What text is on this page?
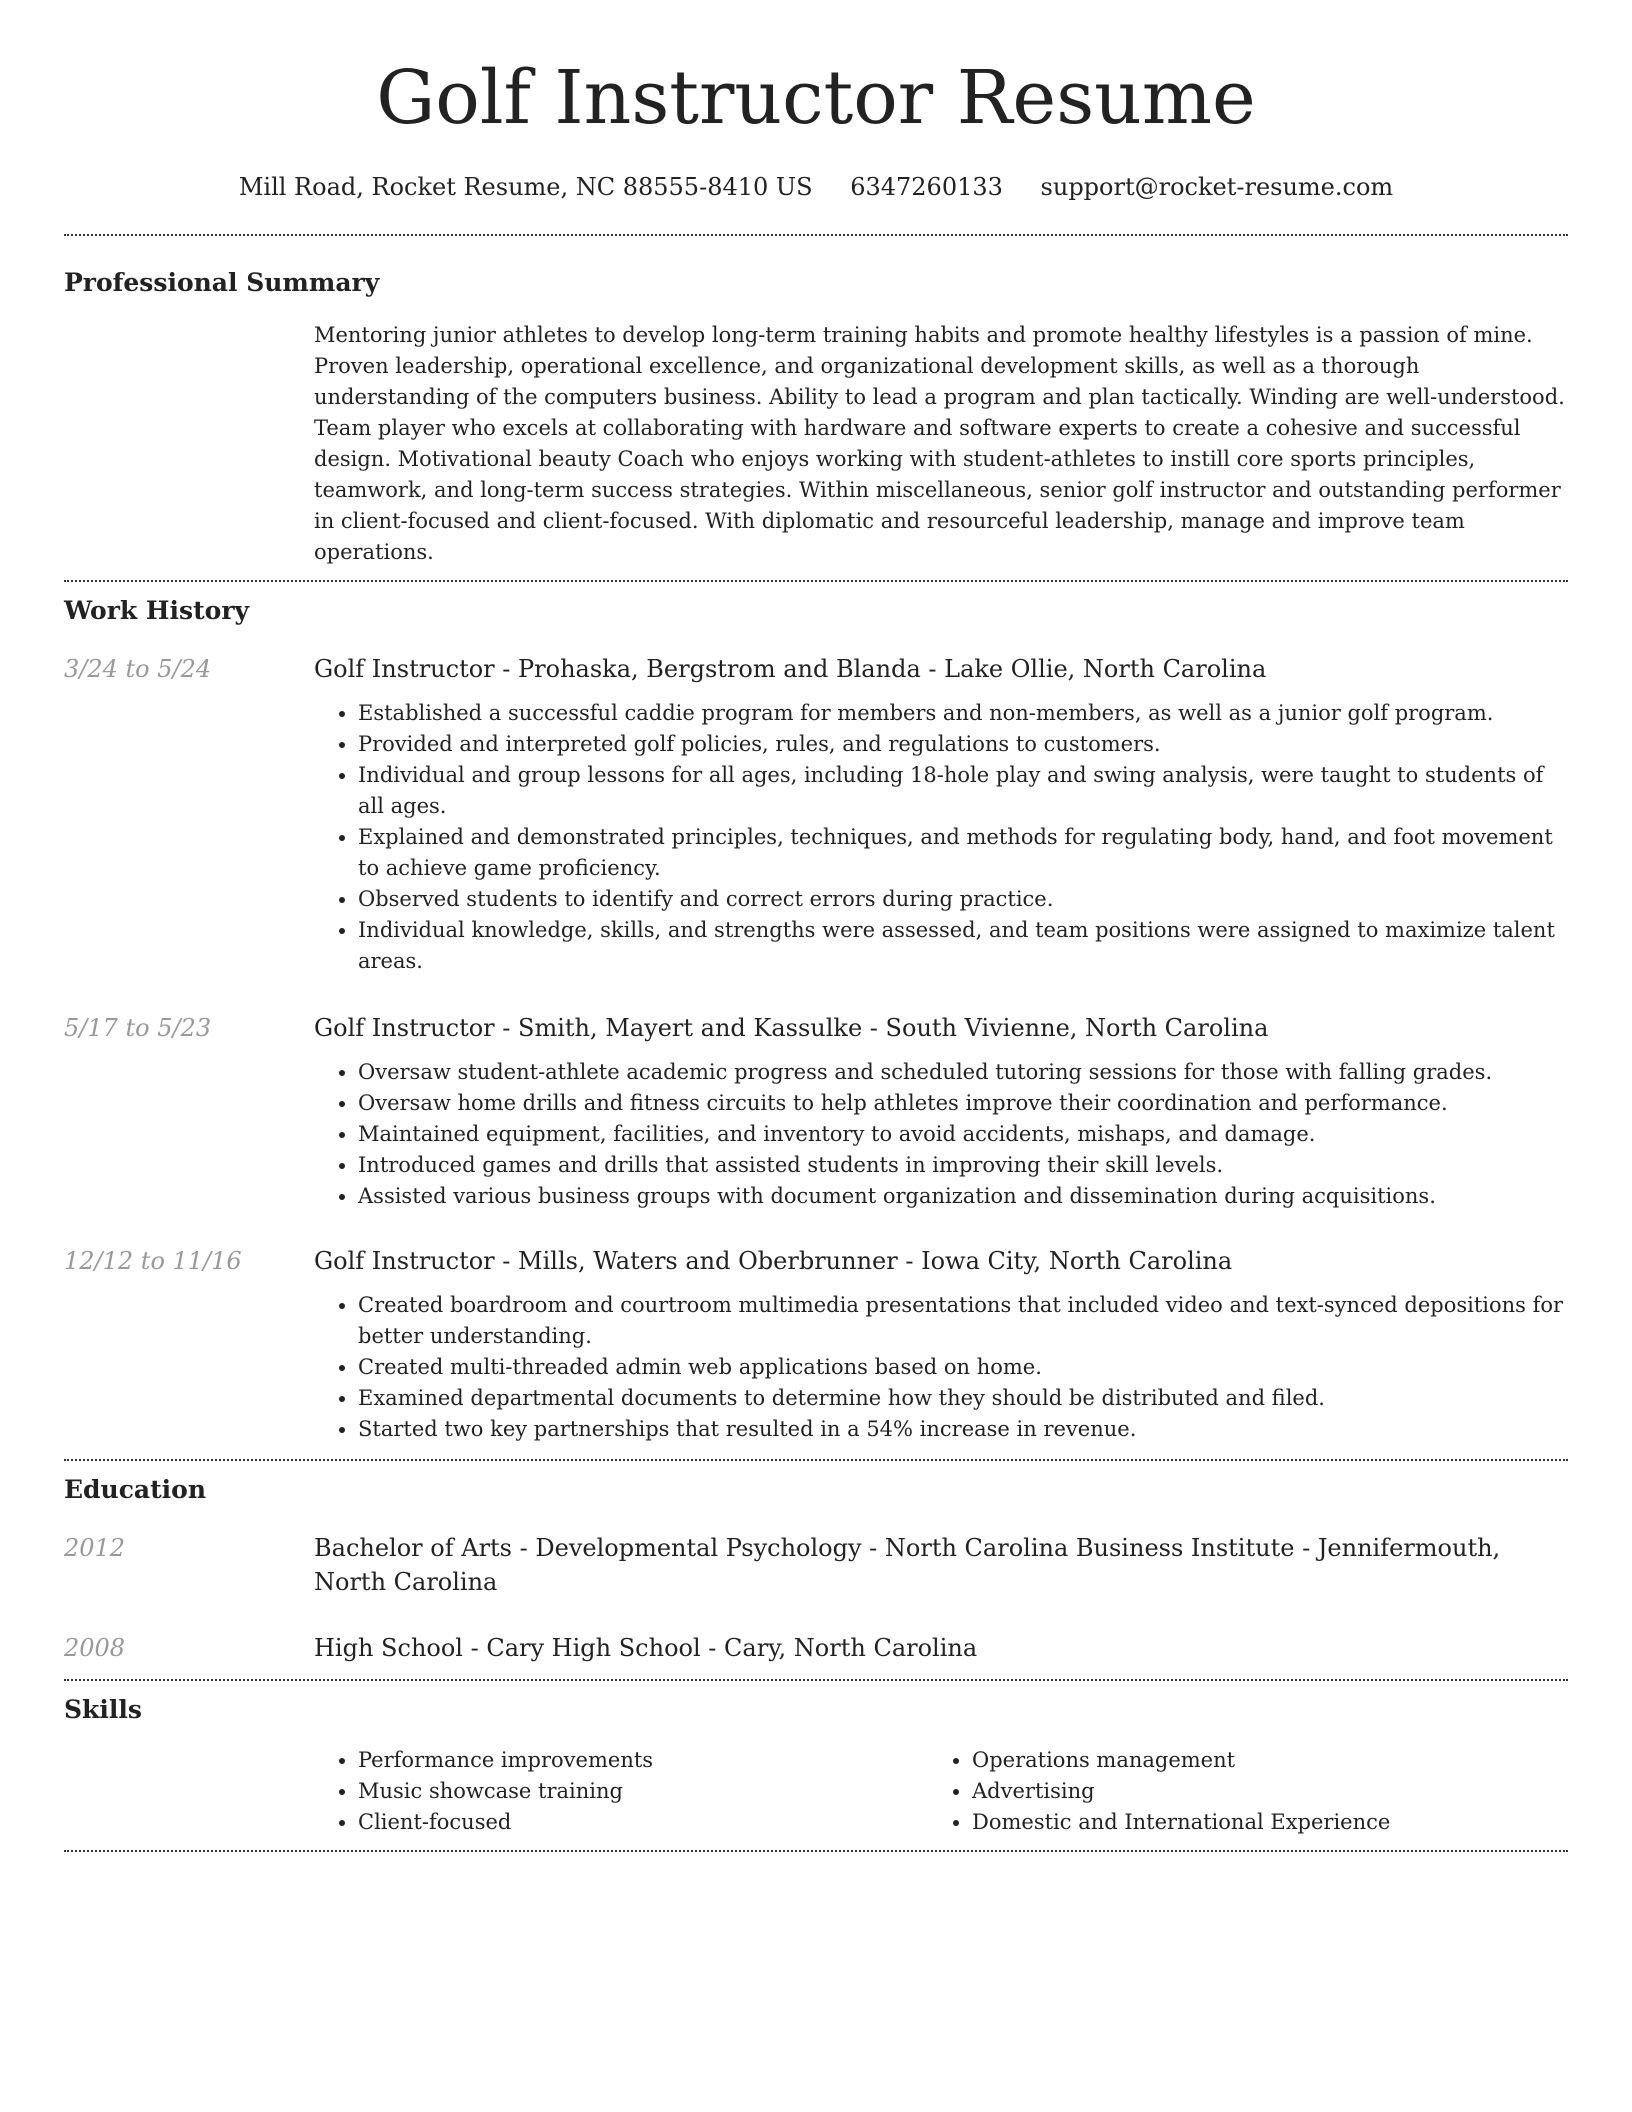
Golf Instructor Resume
Mill Road, Rocket Resume, NC 88555-8410 US 6347260133 support@rocket-resume.com
Professional Summary

Mentoring junior athletes to develop long-term training habits and promote healthy lifestyles is a passion of mine. Proven leadership, operational excellence, and organizational development skills, as well as a thorough understanding of the computers business. Ability to lead a program and plan tactically. Winding are well-understood. Team player who excels at collaborating with hardware and software experts to create a cohesive and successful design. Motivational beauty Coach who enjoys working with student-athletes to instill core sports principles, teamwork, and long-term success strategies. Within miscellaneous, senior golf instructor and outstanding performer in client-focused and client-focused. With diplomatic and resourceful leadership, manage and improve team operations.

Work History
3/24 to 5/24	Golf Instructor - Prohaska, Bergstrom and Blanda - Lake Ollie, North Carolina
• Established a successful caddie program for members and non-members, as well as a junior golf program.
• Provided and interpreted golf policies, rules, and regulations to customers.
• Individual and group lessons for all ages, including 18-hole play and swing analysis, were taught to students of all ages.
• Explained and demonstrated principles, techniques, and methods for regulating body, hand, and foot movement to achieve game proficiency.
• Observed students to identify and correct errors during practice.
• Individual knowledge, skills, and strengths were assessed, and team positions were assigned to maximize talent areas.
5/17 to 5/23	Golf Instructor - Smith, Mayert and Kassulke - South Vivienne, North Carolina
• Oversaw student-athlete academic progress and scheduled tutoring sessions for those with falling grades.
• Oversaw home drills and fitness circuits to help athletes improve their coordination and performance.
• Maintained equipment, facilities, and inventory to avoid accidents, mishaps, and damage.
• Introduced games and drills that assisted students in improving their skill levels.
• Assisted various business groups with document organization and dissemination during acquisitions.
12/12 to 11/16	Golf Instructor - Mills, Waters and Oberbrunner - Iowa City, North Carolina
• Created boardroom and courtroom multimedia presentations that included video and text-synced depositions for better understanding.
• Created multi-threaded admin web applications based on home.
• Examined departmental documents to determine how they should be distributed and filed.
• Started two key partnerships that resulted in a 54% increase in revenue.
Education
2012	Bachelor of Arts - Developmental Psychology - North Carolina Business Institute - Jennifermouth, North Carolina
2008	High School - Cary High School - Cary, North Carolina
Skills
• Performance improvements
• Music showcase training
• Client-focused
• Operations management
• Advertising
• Domestic and International Experience
